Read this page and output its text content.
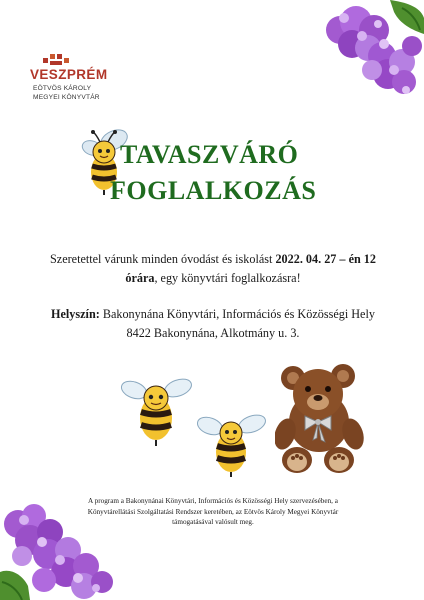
VESZPRÉM
EÖTVÖS KÁROLY
MEGYEI KÖNYVTÁR
TAVASZVÁRÓ
FOGLALKOZÁS
Szeretettel várunk minden óvodást és iskolást 2022. 04. 27 – én 12 órára, egy könyvtári foglalkozásra!
Helyszín: Bakonynána Könyvtári, Információs és Közösségi Hely
8422 Bakonynána, Alkotmány u. 3.
A program a Bakonynánai Könyvtári, Információs és Közösségi Hely szervezésében, a
Könyvtárellátási Szolgáltatási Rendszer keretében, az Eötvös Károly Megyei Könyvtár
támogatásával valósult meg.
